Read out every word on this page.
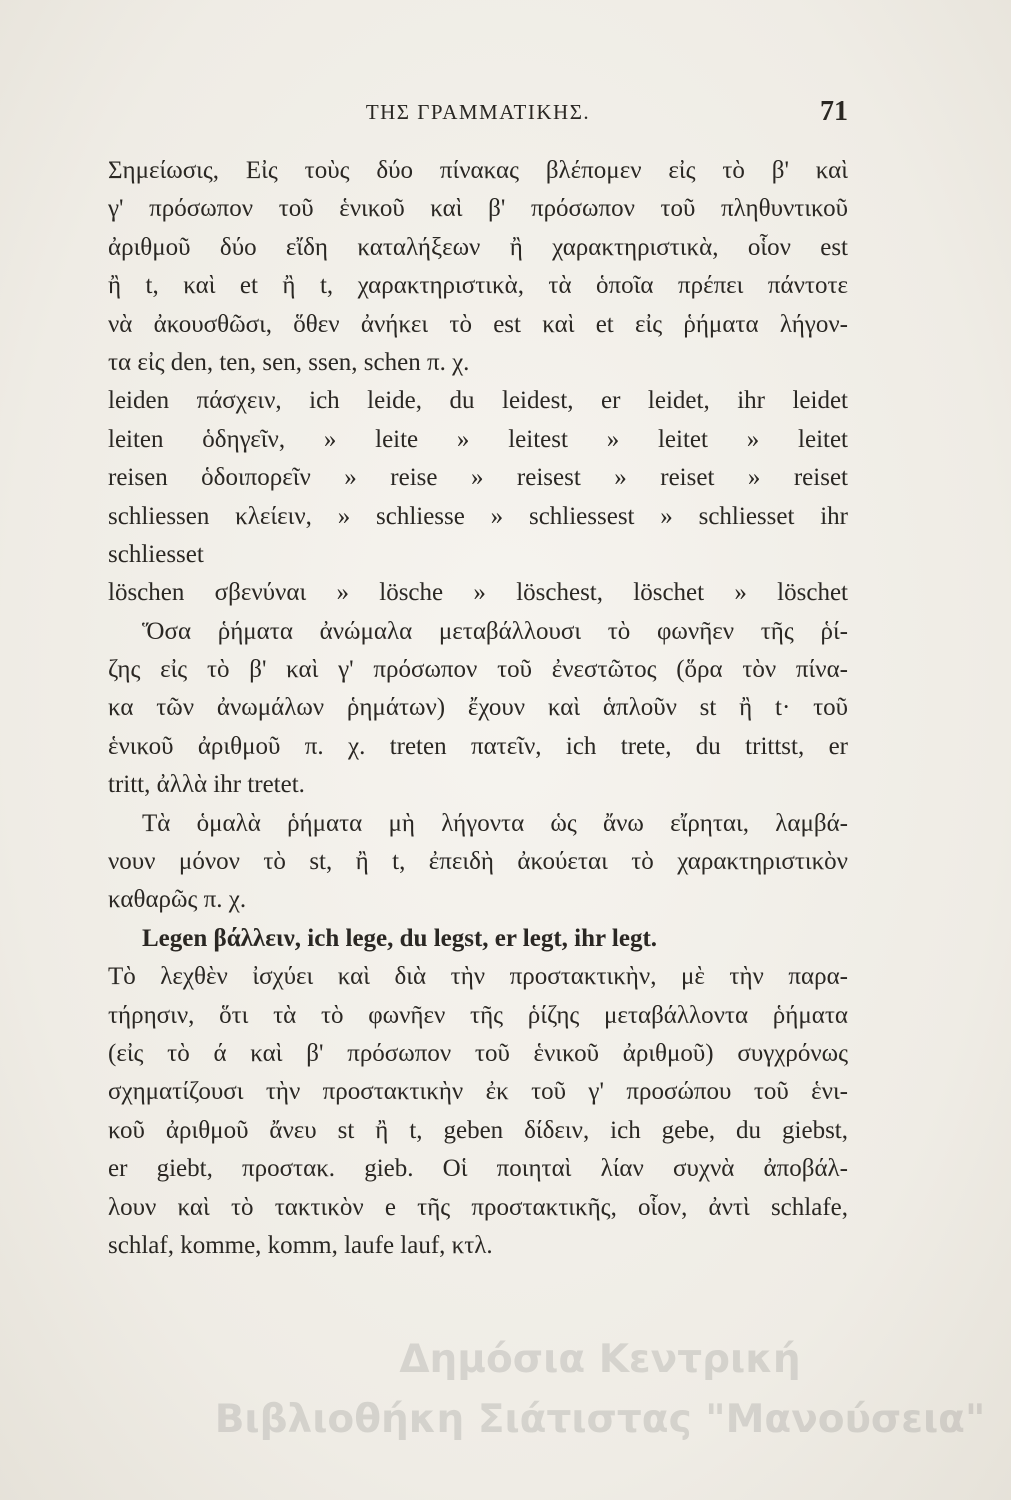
ΤΗΣ ΓΡΑΜΜΑΤΙΚΗΣ.	71
Σημείωσις, Εἰς τοὺς δύο πίνακας βλέπομεν εἰς τὸ β' καὶ
γ' πρόσωπον τοῦ ἑνικοῦ καὶ β' πρόσωπον τοῦ πληθυντικοῦ
ἀριθμοῦ δύο εἴδη καταλήξεων ἢ χαρακτηριστικὰ, οἷον est
ἢ t, καὶ et ἢ t, χαρακτηριστικὰ, τὰ ὁποῖα πρέπει πάντοτε
νὰ ἀκουσθῶσι, ὅθεν ἀνήκει τὸ est καὶ et εἰς ῥήματα λήγον-
τα εἰς den, ten, sen, ssen, schen π. χ.
leiden πάσχειν, ich leide, du leidest, er leidet, ihr leidet
leiten ὁδηγεῖν, » leite » leitest » leitet » leitet
reisen ὁδοιπορεῖν » reise » reisest » reiset » reiset
schliessen κλείειν, » schliesse » schliessest » schliesset ihr
schliesset
löschen σβενύναι » lösche » löschest, löschet » löschet
Ὅσα ῥήματα ἀνώμαλα μεταβάλλουσι τὸ φωνῆεν τῆς ῥί-
ζης εἰς τὸ β' καὶ γ' πρόσωπον τοῦ ἐνεστῶτος (ὅρα τὸν πίνα-
κα τῶν ἀνωμάλων ῥημάτων) ἔχουν καὶ ἁπλοῦν st ἢ t· τοῦ
ἑνικοῦ ἀριθμοῦ π. χ. treten πατεῖν, ich trete, du trittst, er
tritt, ἀλλὰ ihr tretet.
Τὰ ὁμαλὰ ῥήματα μὴ λήγοντα ὡς ἄνω εἴρηται, λαμβά-
νουν μόνον τὸ st, ἢ t, ἐπειδὴ ἀκούεται τὸ χαρακτηριστικὸν
καθαρῶς π. χ.
Legen βάλλειν, ich lege, du legst, er legt, ihr legt.
Τὸ λεχθὲν ἰσχύει καὶ διὰ τὴν προστακτικὴν, μὲ τὴν παρα-
τήρησιν, ὅτι τὰ τὸ φωνῆεν τῆς ῥίζης μεταβάλλοντα ῥήματα
(εἰς τὸ ά καὶ β' πρόσωπον τοῦ ἑνικοῦ ἀριθμοῦ) συγχρόνως
σχηματίζουσι τὴν προστακτικὴν ἐκ τοῦ γ' προσώπου τοῦ ἑνι-
κοῦ ἀριθμοῦ ἄνευ st ἢ t, geben δίδειν, ich gebe, du giebst,
er giebt, προστακ. gieb. Οἱ ποιηταὶ λίαν συχνὰ ἀποβάλ-
λουν καὶ τὸ τακτικὸν e τῆς προστακτικῆς, οἷον, ἀντὶ schlafe,
schlaf, komme, komm, laufe lauf, κτλ.
Δημόσια Κεντρική
Βιβλιοθήκη Σιάτιστας "Μανούσεια"
